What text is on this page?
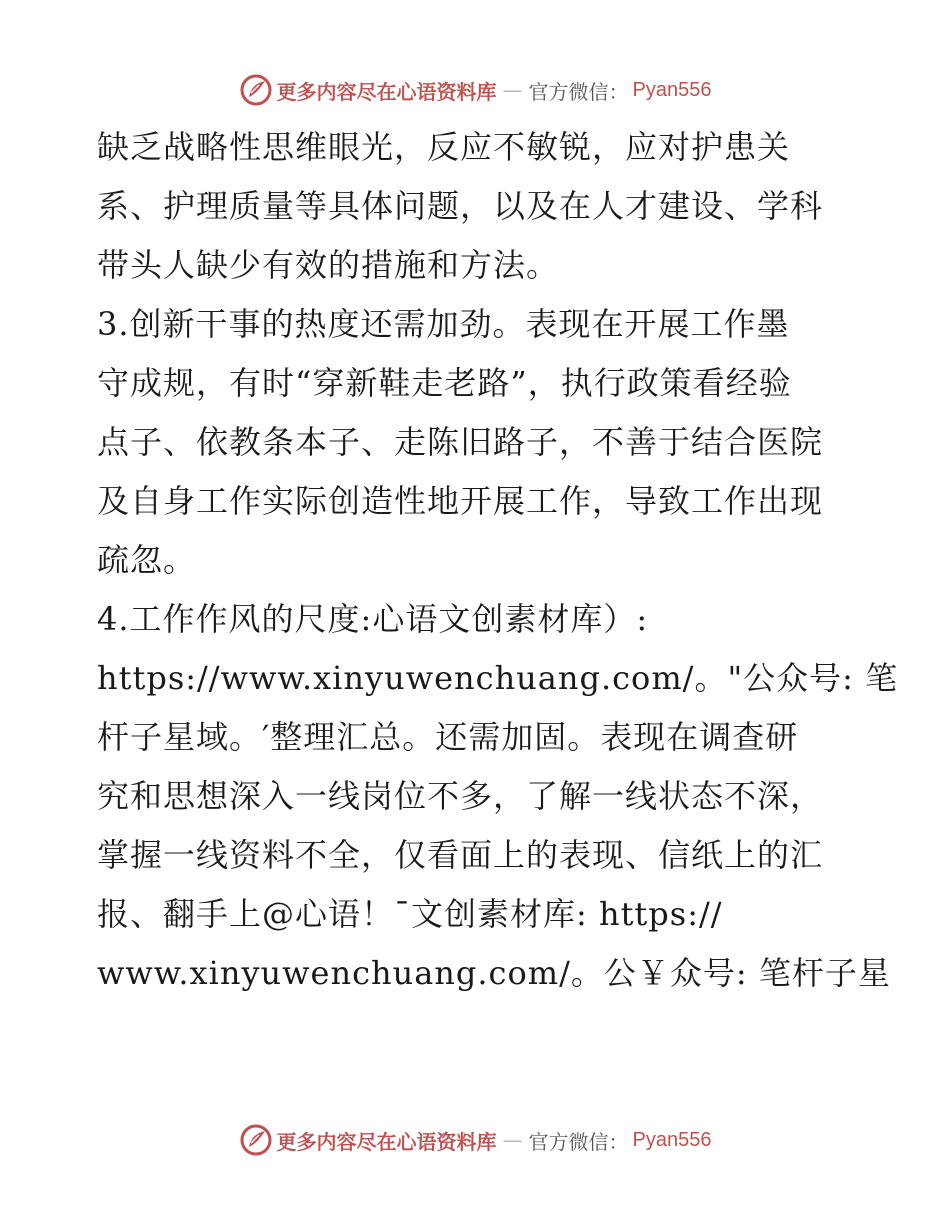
更多内容尽在心语资料库 — 官方微信： Pyan556

缺乏战略性思维眼光，反应不敏锐，应对护患关
系、护理质量等具体问题，以及在人才建设、学科
带头人缺少有效的措施和方法。

3.创新干事的热度还需加劲。表现在开展工作墨
守成规，有时“穿新鞋走老路”，执行政策看经验
点子、依教条本子、走陈旧路子，不善于结合医院
及自身工作实际创造性地开展工作，导致工作出现
疏忽。

4.工作作风的尺度:心语文创素材库）:
https://www.xinyuwenchuang.com/。"公众号: 笔
杆子星域。′整理汇总。还需加固。表现在调查研
究和思想深入一线岗位不多，了解一线状态不深，
掌握一线资料不全，仅看面上的表现、信纸上的汇
报、翻手上@心语！¯文创素材库: https://
www.xinyuwenchuang.com/。公￥众号: 笔杆子星

更多内容尽在心语资料库 — 官方微信： Pyan556
